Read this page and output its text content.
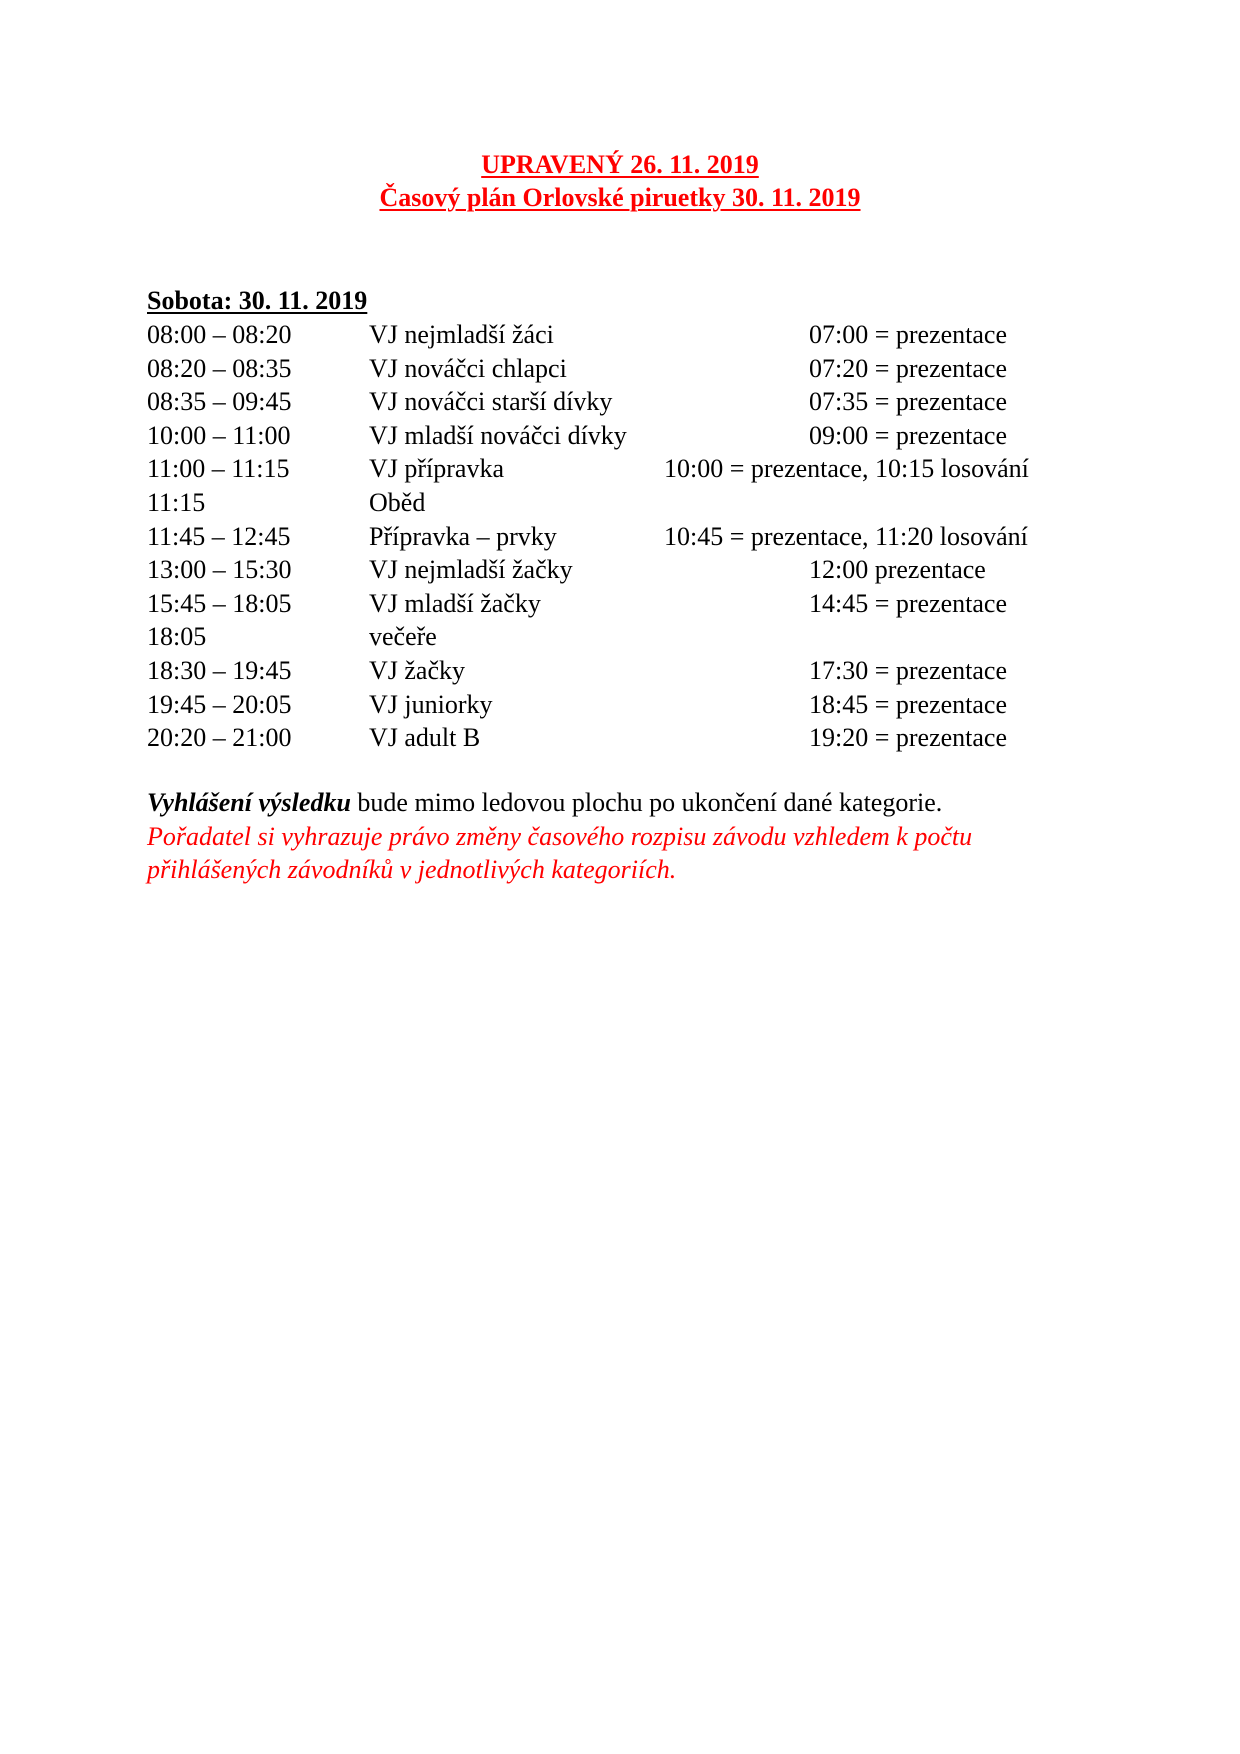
UPRAVENÝ 26. 11. 2019
Časový plán Orlovské piruetky 30. 11. 2019
Sobota: 30. 11. 2019
08:00 – 08:20	VJ nejmladší žáci	07:00 = prezentace
08:20 – 08:35	VJ nováčci chlapci	07:20 = prezentace
08:35 – 09:45	VJ nováčci starší dívky	07:35 = prezentace
10:00 – 11:00	VJ mladší nováčci dívky	09:00 = prezentace
11:00 – 11:15	VJ přípravka	10:00 = prezentace, 10:15 losování
11:15	Oběd
11:45 – 12:45	Přípravka – prvky	10:45 = prezentace, 11:20 losování
13:00 – 15:30	VJ nejmladší žačky	12:00 prezentace
15:45 – 18:05	VJ mladší žačky	14:45 = prezentace
18:05	večeře
18:30 – 19:45	VJ žačky	17:30 = prezentace
19:45 – 20:05	VJ juniorky	18:45 = prezentace
20:20 – 21:00	VJ adult B	19:20 = prezentace
Vyhlášení výsledku bude mimo ledovou plochu po ukončení dané kategorie.
Pořadatel si vyhrazuje právo změny časového rozpisu závodu vzhledem k počtu přihlášených závodníků v jednotlivých kategoriích.
